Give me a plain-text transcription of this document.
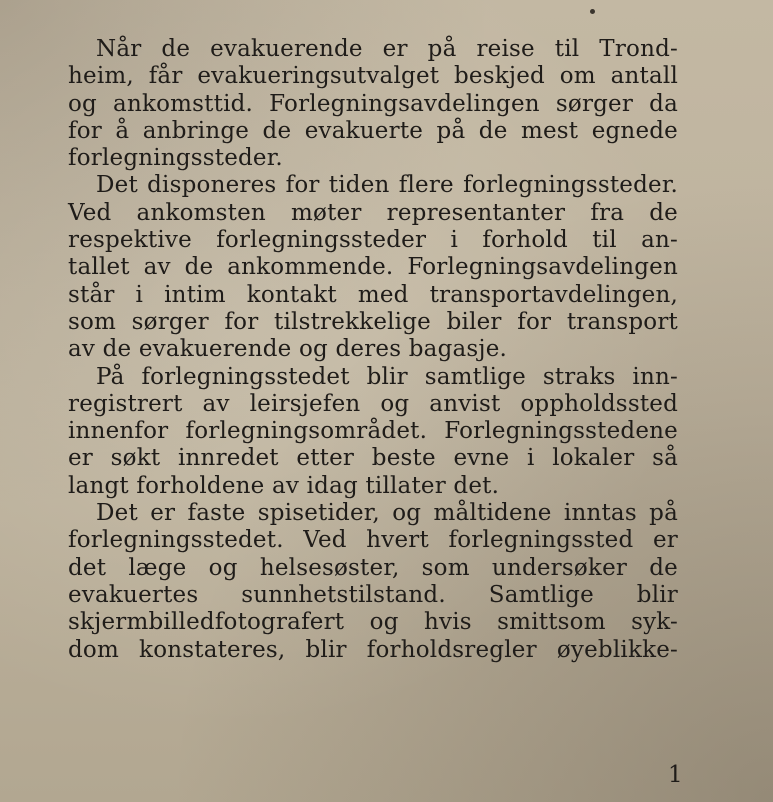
Når de evakuerende er på reise til Trond-
heim, får evakueringsutvalget beskjed om antall
og ankomsttid. Forlegningsavdelingen sørger da
for å anbringe de evakuerte på de mest egnede
forlegningssteder.
Det disponeres for tiden flere forlegningssteder.
Ved ankomsten møter representanter fra de
respektive forlegningssteder i forhold til an-
tallet av de ankommende. Forlegningsavdelingen
står i intim kontakt med transportavdelingen,
som sørger for tilstrekkelige biler for transport
av de evakuerende og deres bagasje.
På forlegningsstedet blir samtlige straks inn-
registrert av leirsjefen og anvist oppholdssted
innenfor forlegningsområdet. Forlegningsstedene
er søkt innredet etter beste evne i lokaler så
langt forholdene av idag tillater det.
Det er faste spisetider, og måltidene inntas på
forlegningsstedet. Ved hvert forlegningssted er
det læge og helsesøster, som undersøker de
evakuertes sunnhetstilstand. Samtlige blir
skjermbilledfotografert og hvis smittsom syk-
dom konstateres, blir forholdsregler øyeblikke-
1
